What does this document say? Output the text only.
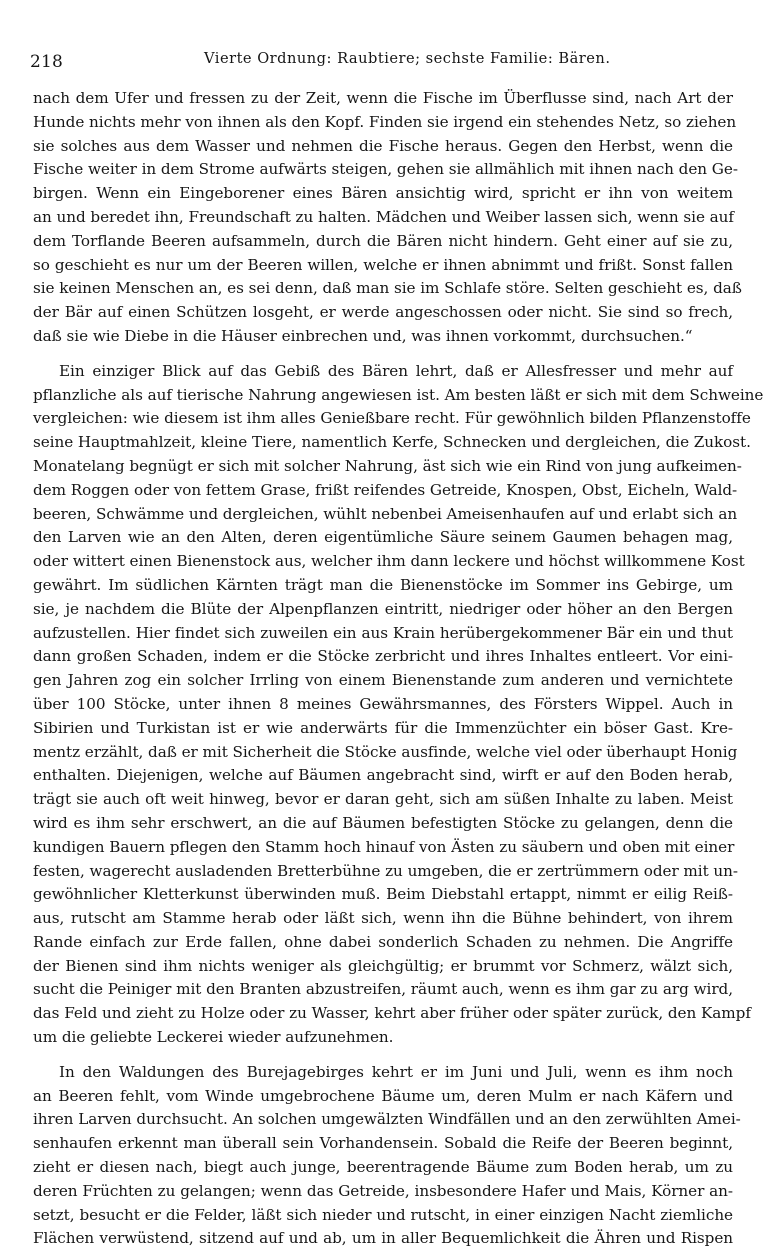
218	Vierte Ordnung: Raubtiere; sechste Familie: Bären.

nach dem Ufer und fressen zu der Zeit, wenn die Fische im Überflusse sind, nach Art der
Hunde nichts mehr von ihnen als den Kopf. Finden sie irgend ein stehendes Netz, so ziehen
sie solches aus dem Wasser und nehmen die Fische heraus. Gegen den Herbst, wenn die
Fische weiter in dem Strome aufwärts steigen, gehen sie allmählich mit ihnen nach den Ge-
birgen. Wenn ein Eingeborener eines Bären ansichtig wird, spricht er ihn von weitem
an und beredet ihn, Freundschaft zu halten. Mädchen und Weiber lassen sich, wenn sie auf
dem Torflande Beeren aufsammeln, durch die Bären nicht hindern. Geht einer auf sie zu,
so geschieht es nur um der Beeren willen, welche er ihnen abnimmt und frißt. Sonst fallen
sie keinen Menschen an, es sei denn, daß man sie im Schlafe störe. Selten geschieht es, daß
der Bär auf einen Schützen losgeht, er werde angeschossen oder nicht. Sie sind so frech,
daß sie wie Diebe in die Häuser einbrechen und, was ihnen vorkommt, durchsuchen.“

Ein einziger Blick auf das Gebiß des Bären lehrt, daß er Allesfresser und mehr auf
pflanzliche als auf tierische Nahrung angewiesen ist. Am besten läßt er sich mit dem Schweine
vergleichen: wie diesem ist ihm alles Genießbare recht. Für gewöhnlich bilden Pflanzenstoffe
seine Hauptmahlzeit, kleine Tiere, namentlich Kerfe, Schnecken und dergleichen, die Zukost.
Monatelang begnügt er sich mit solcher Nahrung, äst sich wie ein Rind von jung aufkeimen-
dem Roggen oder von fettem Grase, frißt reifendes Getreide, Knospen, Obst, Eicheln, Wald-
beeren, Schwämme und dergleichen, wühlt nebenbei Ameisenhaufen auf und erlabt sich an
den Larven wie an den Alten, deren eigentümliche Säure seinem Gaumen behagen mag,
oder wittert einen Bienenstock aus, welcher ihm dann leckere und höchst willkommene Kost
gewährt. Im südlichen Kärnten trägt man die Bienenstöcke im Sommer ins Gebirge, um
sie, je nachdem die Blüte der Alpenpflanzen eintritt, niedriger oder höher an den Bergen
aufzustellen. Hier findet sich zuweilen ein aus Krain herübergekommener Bär ein und thut
dann großen Schaden, indem er die Stöcke zerbricht und ihres Inhaltes entleert. Vor eini-
gen Jahren zog ein solcher Irrling von einem Bienenstande zum anderen und vernichtete
über 100 Stöcke, unter ihnen 8 meines Gewährsmannes, des Försters Wippel. Auch in
Sibirien und Turkistan ist er wie anderwärts für die Immenzüchter ein böser Gast. Kre-
mentz erzählt, daß er mit Sicherheit die Stöcke ausfinde, welche viel oder überhaupt Honig
enthalten. Diejenigen, welche auf Bäumen angebracht sind, wirft er auf den Boden herab,
trägt sie auch oft weit hinweg, bevor er daran geht, sich am süßen Inhalte zu laben. Meist
wird es ihm sehr erschwert, an die auf Bäumen befestigten Stöcke zu gelangen, denn die
kundigen Bauern pflegen den Stamm hoch hinauf von Ästen zu säubern und oben mit einer
festen, wagerecht ausladenden Bretterbühne zu umgeben, die er zertrümmern oder mit un-
gewöhnlicher Kletterkunst überwinden muß. Beim Diebstahl ertappt, nimmt er eilig Reiß-
aus, rutscht am Stamme herab oder läßt sich, wenn ihn die Bühne behindert, von ihrem
Rande einfach zur Erde fallen, ohne dabei sonderlich Schaden zu nehmen. Die Angriffe
der Bienen sind ihm nichts weniger als gleichgültig; er brummt vor Schmerz, wälzt sich,
sucht die Peiniger mit den Branten abzustreifen, räumt auch, wenn es ihm gar zu arg wird,
das Feld und zieht zu Holze oder zu Wasser, kehrt aber früher oder später zurück, den Kampf
um die geliebte Leckerei wieder aufzunehmen.

In den Waldungen des Burejagebirges kehrt er im Juni und Juli, wenn es ihm noch
an Beeren fehlt, vom Winde umgebrochene Bäume um, deren Mulm er nach Käfern und
ihren Larven durchsucht. An solchen umgewälzten Windfällen und an den zerwühlten Amei-
senhaufen erkennt man überall sein Vorhandensein. Sobald die Reife der Beeren beginnt,
zieht er diesen nach, biegt auch junge, beerentragende Bäume zum Boden herab, um zu
deren Früchten zu gelangen; wenn das Getreide, insbesondere Hafer und Mais, Körner an-
setzt, besucht er die Felder, läßt sich nieder und rutscht, in einer einzigen Nacht ziemliche
Flächen verwüstend, sitzend auf und ab, um in aller Bequemlichkeit die Ähren und Rispen
